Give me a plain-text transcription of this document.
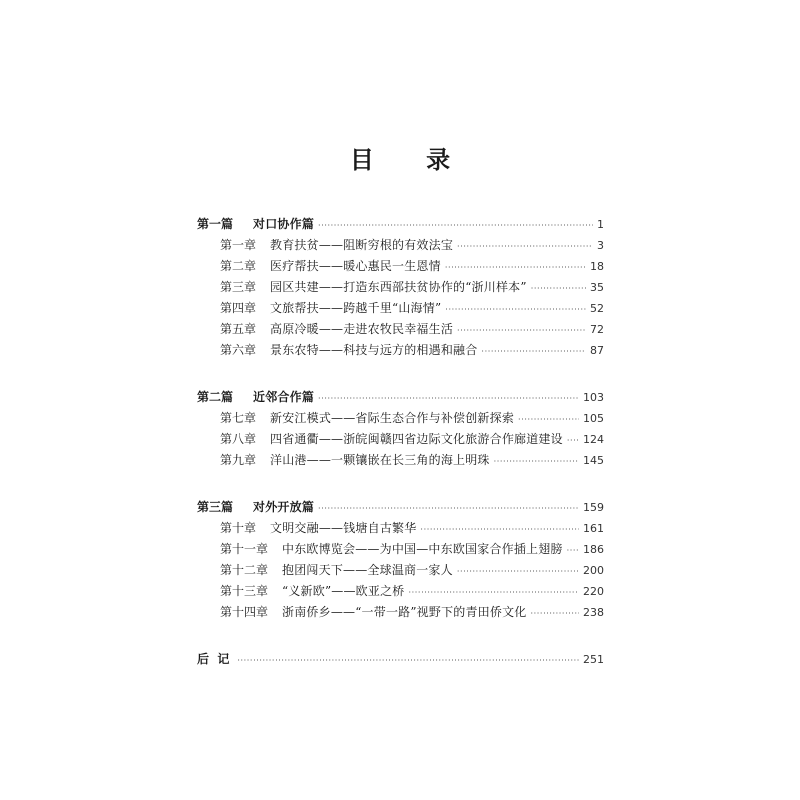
目 录
第一篇 对口协作篇 ·····	1
第一章 教育扶贫——阻断穷根的有效法宝 ·····	3
第二章 医疗帮扶——暖心惠民一生恩情 ·····	18
第三章 园区共建——打造东西部扶贫协作的“浙川样本” ·····	35
第四章 文旅帮扶——跨越千里“山海情” ·····	52
第五章 高原冷暖——走进农牧民幸福生活 ·····	72
第六章 景东农特——科技与远方的相遇和融合 ·····	87
第二篇 近邻合作篇 ·····	103
第七章 新安江模式——省际生态合作与补偿创新探索 ·····	105
第八章 四省通衢——浙皖闽赣四省边际文化旅游合作廊道建设 ····· 124
第九章 洋山港——一颗镶嵌在长三角的海上明珠 ·····	145
第三篇 对外开放篇 ·····	159
第十章 文明交融——钱塘自古繁华 ·····	161
第十一章 中东欧博览会——为中国—中东欧国家合作插上翅膀 ····· 186
第十二章 抱团闯天下——全球温商一家人 ·····	200
第十三章 “义新欧”——欧亚之桥 ·····	220
第十四章 浙南侨乡——“一带一路”视野下的青田侨文化 ·····	238
后  记 ·····	251
